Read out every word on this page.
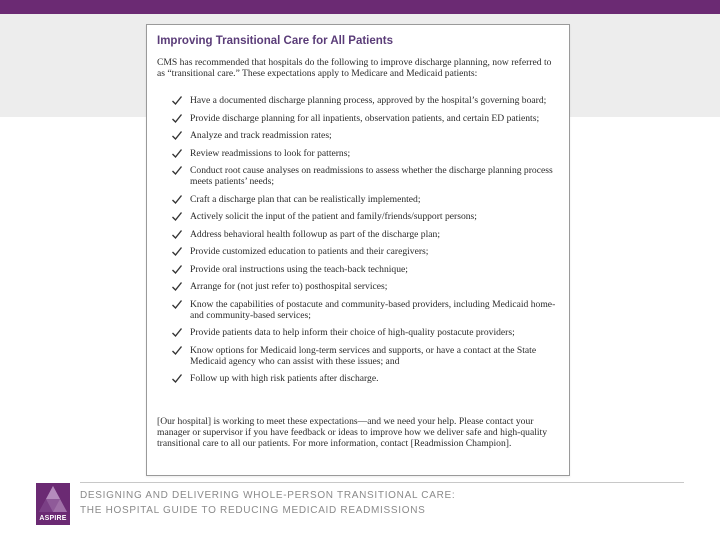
Improving Transitional Care for All Patients

CMS has recommended that hospitals do the following to improve discharge planning, now referred to as “transitional care.” These expectations apply to Medicare and Medicaid patients:

Have a documented discharge planning process, approved by the hospital’s governing board;
Provide discharge planning for all inpatients, observation patients, and certain ED patients;
Analyze and track readmission rates;
Review readmissions to look for patterns;
Conduct root cause analyses on readmissions to assess whether the discharge planning process meets patients’ needs;
Craft a discharge plan that can be realistically implemented;
Actively solicit the input of the patient and family/friends/support persons;
Address behavioral health followup as part of the discharge plan;
Provide customized education to patients and their caregivers;
Provide oral instructions using the teach-back technique;
Arrange for (not just refer to) posthospital services;
Know the capabilities of postacute and community-based providers, including Medicaid home- and community-based services;
Provide patients data to help inform their choice of high-quality postacute providers;
Know options for Medicaid long-term services and supports, or have a contact at the State Medicaid agency who can assist with these issues; and
Follow up with high risk patients after discharge.

[Our hospital] is working to meet these expectations—and we need your help. Please contact your manager or supervisor if you have feedback or ideas to improve how we deliver safe and high-quality transitional care to all our patients. For more information, contact [Readmission Champion].

ASPIRE

DESIGNING AND DELIVERING WHOLE-PERSON TRANSITIONAL CARE:

THE HOSPITAL GUIDE TO REDUCING MEDICAID READMISSIONS
